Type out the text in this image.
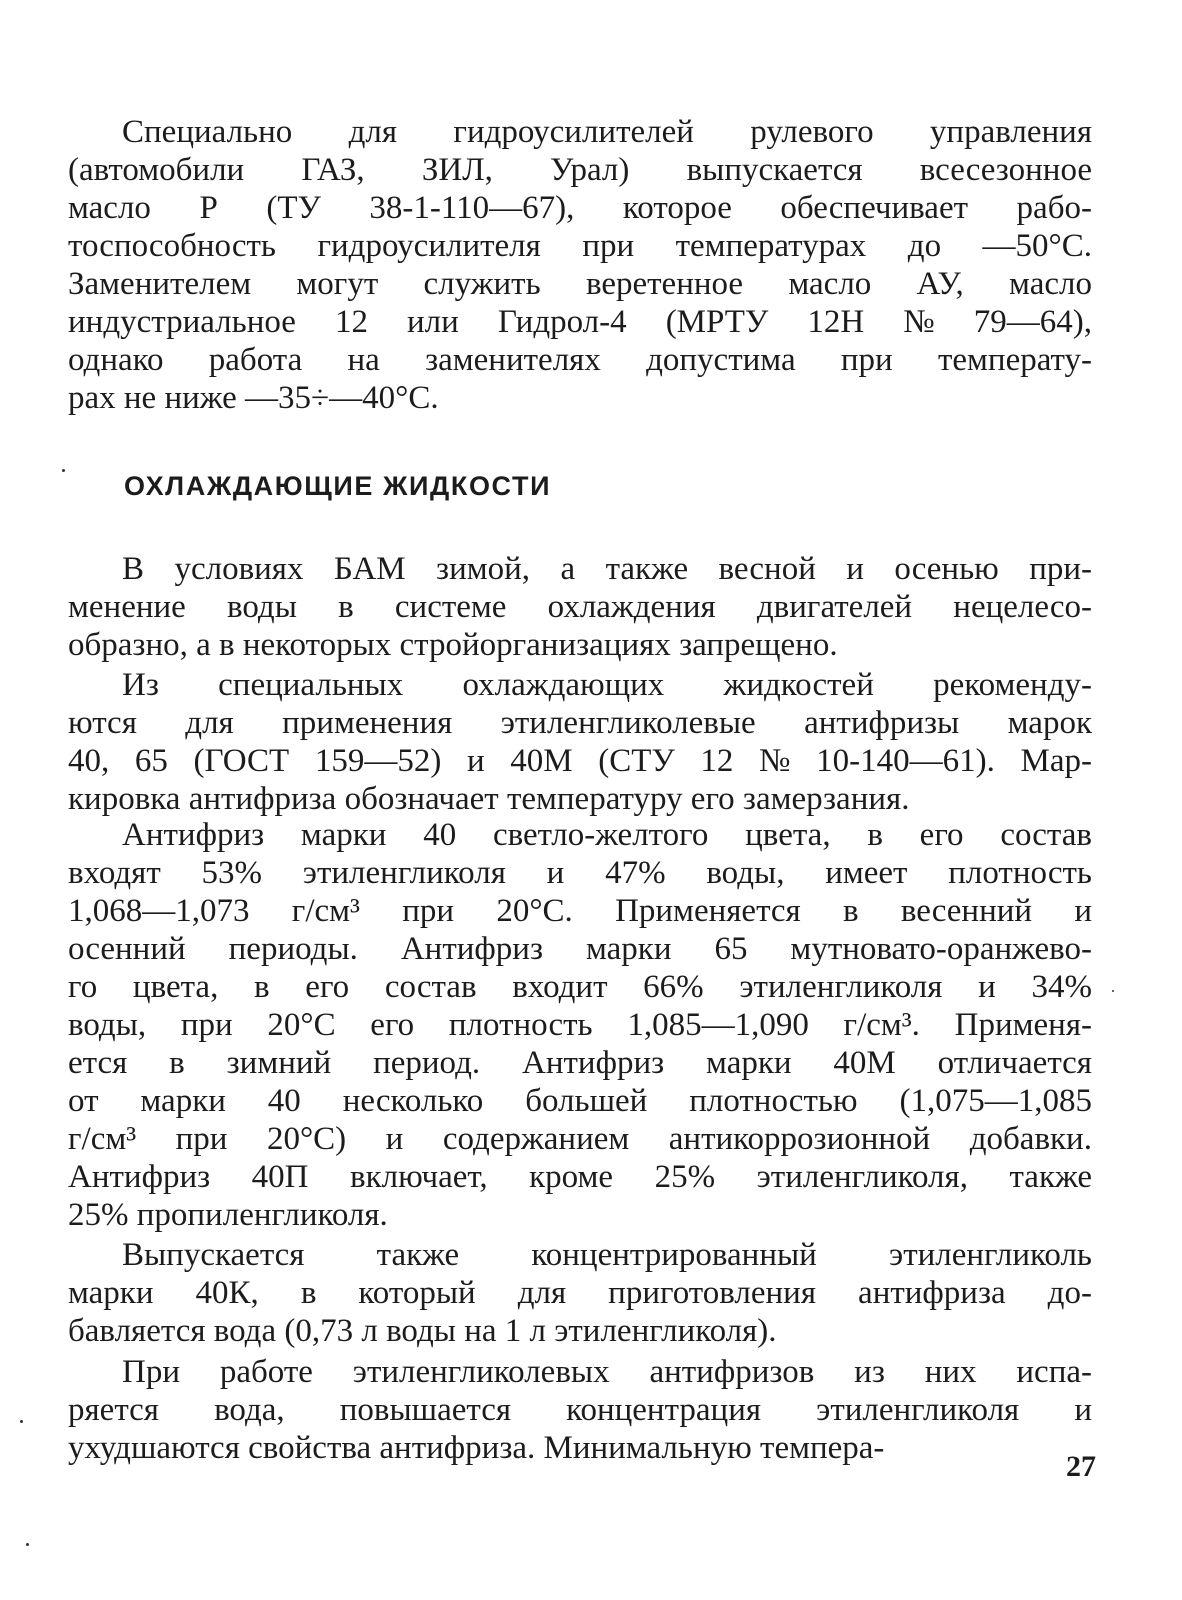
Специально для гидроусилителей рулевого управления
(автомобили ГАЗ, ЗИЛ, Урал) выпускается всесезонное
масло Р (ТУ 38-1-110—67), которое обеспечивает рабо-
тоспособность гидроусилителя при температурах до —50°С.
Заменителем могут служить веретенное масло АУ, масло
индустриальное 12 или Гидрол-4 (МРТУ 12Н № 79—64),
однако работа на заменителях допустима при температу-
рах не ниже —35÷—40°С.
ОХЛАЖДАЮЩИЕ ЖИДКОСТИ
В условиях БАМ зимой, а также весной и осенью при-
менение воды в системе охлаждения двигателей нецелесо-
образно, а в некоторых стройорганизациях запрещено.
Из специальных охлаждающих жидкостей рекоменду-
ются для применения этиленгликолевые антифризы марок
40, 65 (ГОСТ 159—52) и 40М (СТУ 12 № 10-140—61). Мар-
кировка антифриза обозначает температуру его замерзания.
Антифриз марки 40 светло-желтого цвета, в его состав
входят 53% этиленгликоля и 47% воды, имеет плотность
1,068—1,073 г/см³ при 20°С. Применяется в весенний и
осенний периоды. Антифриз марки 65 мутновато-оранжево-
го цвета, в его состав входит 66% этиленгликоля и 34%
воды, при 20°С его плотность 1,085—1,090 г/см³. Применя-
ется в зимний период. Антифриз марки 40М отличается
от марки 40 несколько большей плотностью (1,075—1,085
г/см³ при 20°С) и содержанием антикоррозионной добавки.
Антифриз 40П включает, кроме 25% этиленгликоля, также
25% пропиленгликоля.
Выпускается также концентрированный этиленгликоль
марки 40К, в который для приготовления антифриза до-
бавляется вода (0,73 л воды на 1 л этиленгликоля).
При работе этиленгликолевых антифризов из них испа-
ряется вода, повышается концентрация этиленгликоля и
ухудшаются свойства антифриза. Минимальную темпера-
27
